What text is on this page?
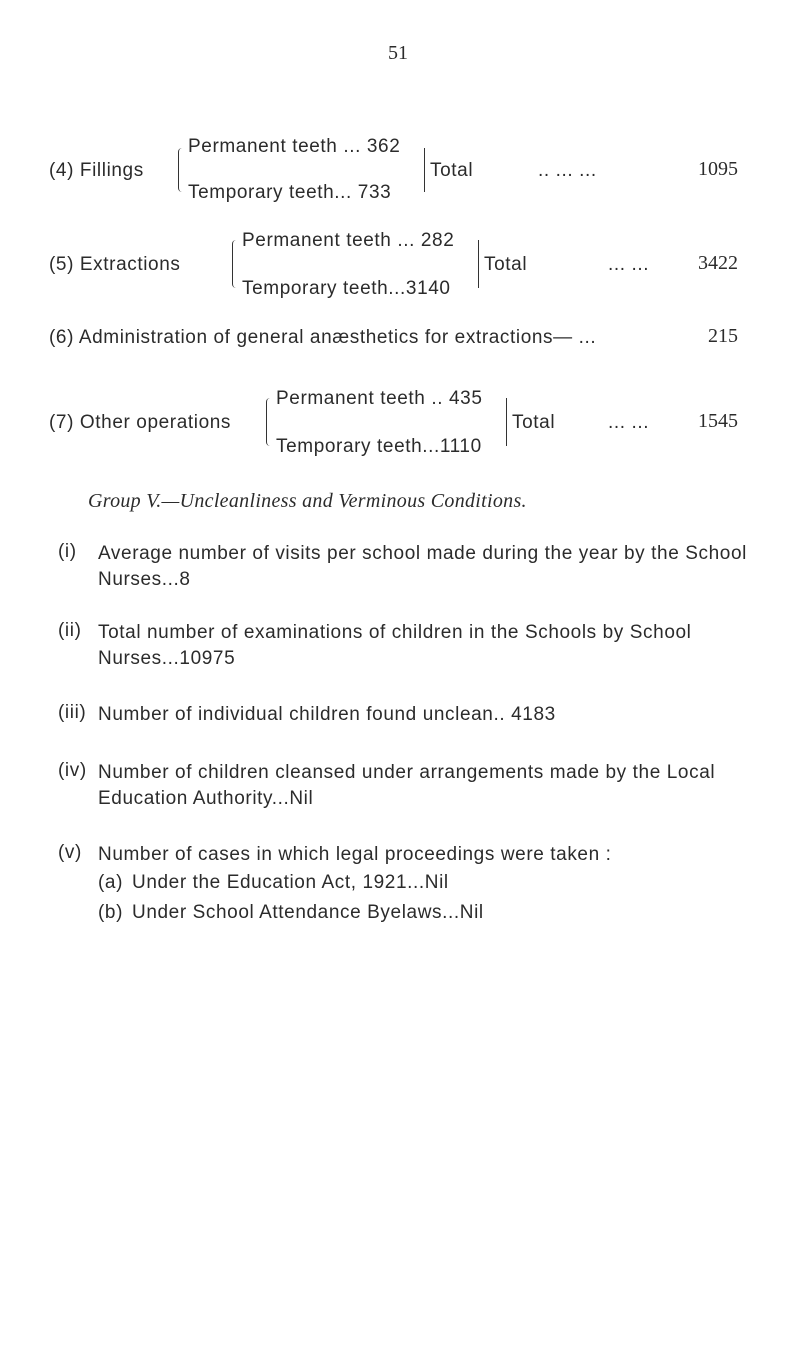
51
(4) Fillings
Permanent teeth ... 362
Temporary teeth... 733
Total	.. ... ...	1095
(5) Extractions
Permanent teeth ... 282
Temporary teeth...3140
Total	... ... 3422
(6) Administration of general anæsthetics for extractions— ...	215
(7) Other operations
Permanent teeth .. 435
Temporary teeth...1110
Total	... ... 1545
Group V.—Uncleanliness and Verminous Conditions.
(i) Average number of visits per school made during the year by the School Nurses...8
(ii) Total number of examinations of children in the Schools by School Nurses...10975
(iii) Number of individual children found unclean.. 4183
(iv) Number of children cleansed under arrangements made by the Local Education Authority...Nil
(v) Number of cases in which legal proceedings were taken :
(a) Under the Education Act, 1921...Nil
(b) Under School Attendance Byelaws...Nil
